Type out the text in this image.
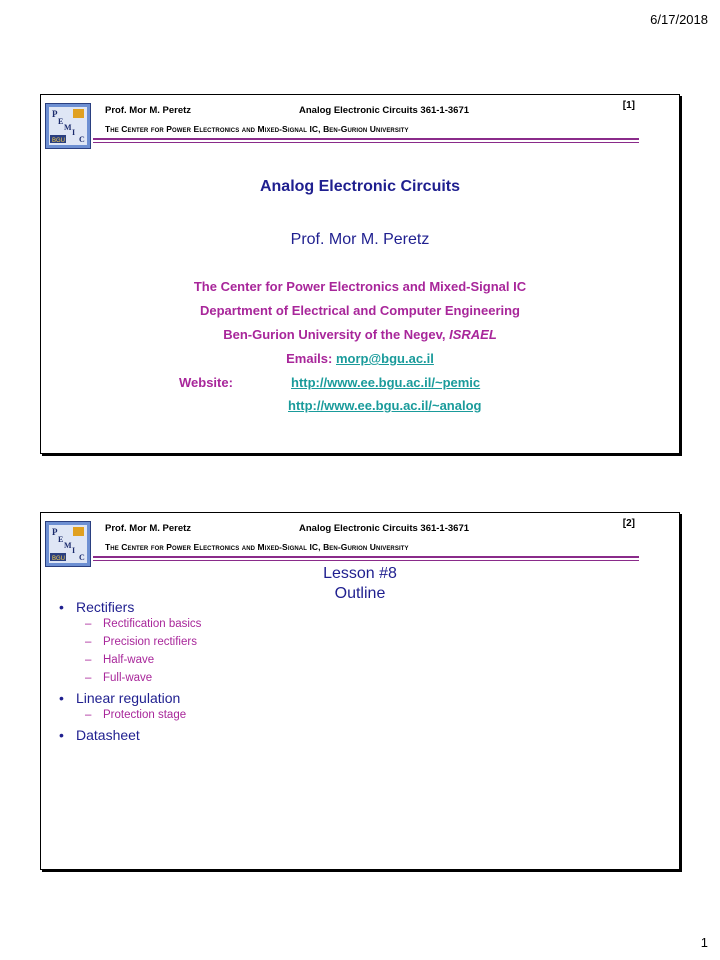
6/17/2018
P
E
M
I
C
BGU
Prof. Mor M. Peretz	Analog Electronic Circuits 361-1-3671	[1]
The Center for Power Electronics and Mixed-Signal IC, Ben-Gurion University
Analog Electronic Circuits
Prof. Mor M. Peretz
The Center for Power Electronics and Mixed-Signal IC
Department of Electrical and Computer Engineering
Ben-Gurion University of the Negev, ISRAEL
Emails: morp@bgu.ac.il
Website:	http://www.ee.bgu.ac.il/~pemic
http://www.ee.bgu.ac.il/~analog
P
E
M
I
C
BGU
Prof. Mor M. Peretz	Analog Electronic Circuits 361-1-3671	[2]
The Center for Power Electronics and Mixed-Signal IC, Ben-Gurion University
Lesson #8
Outline
• Rectifiers
– Rectification basics
– Precision rectifiers
– Half-wave
– Full-wave
• Linear regulation
– Protection stage
• Datasheet
1
